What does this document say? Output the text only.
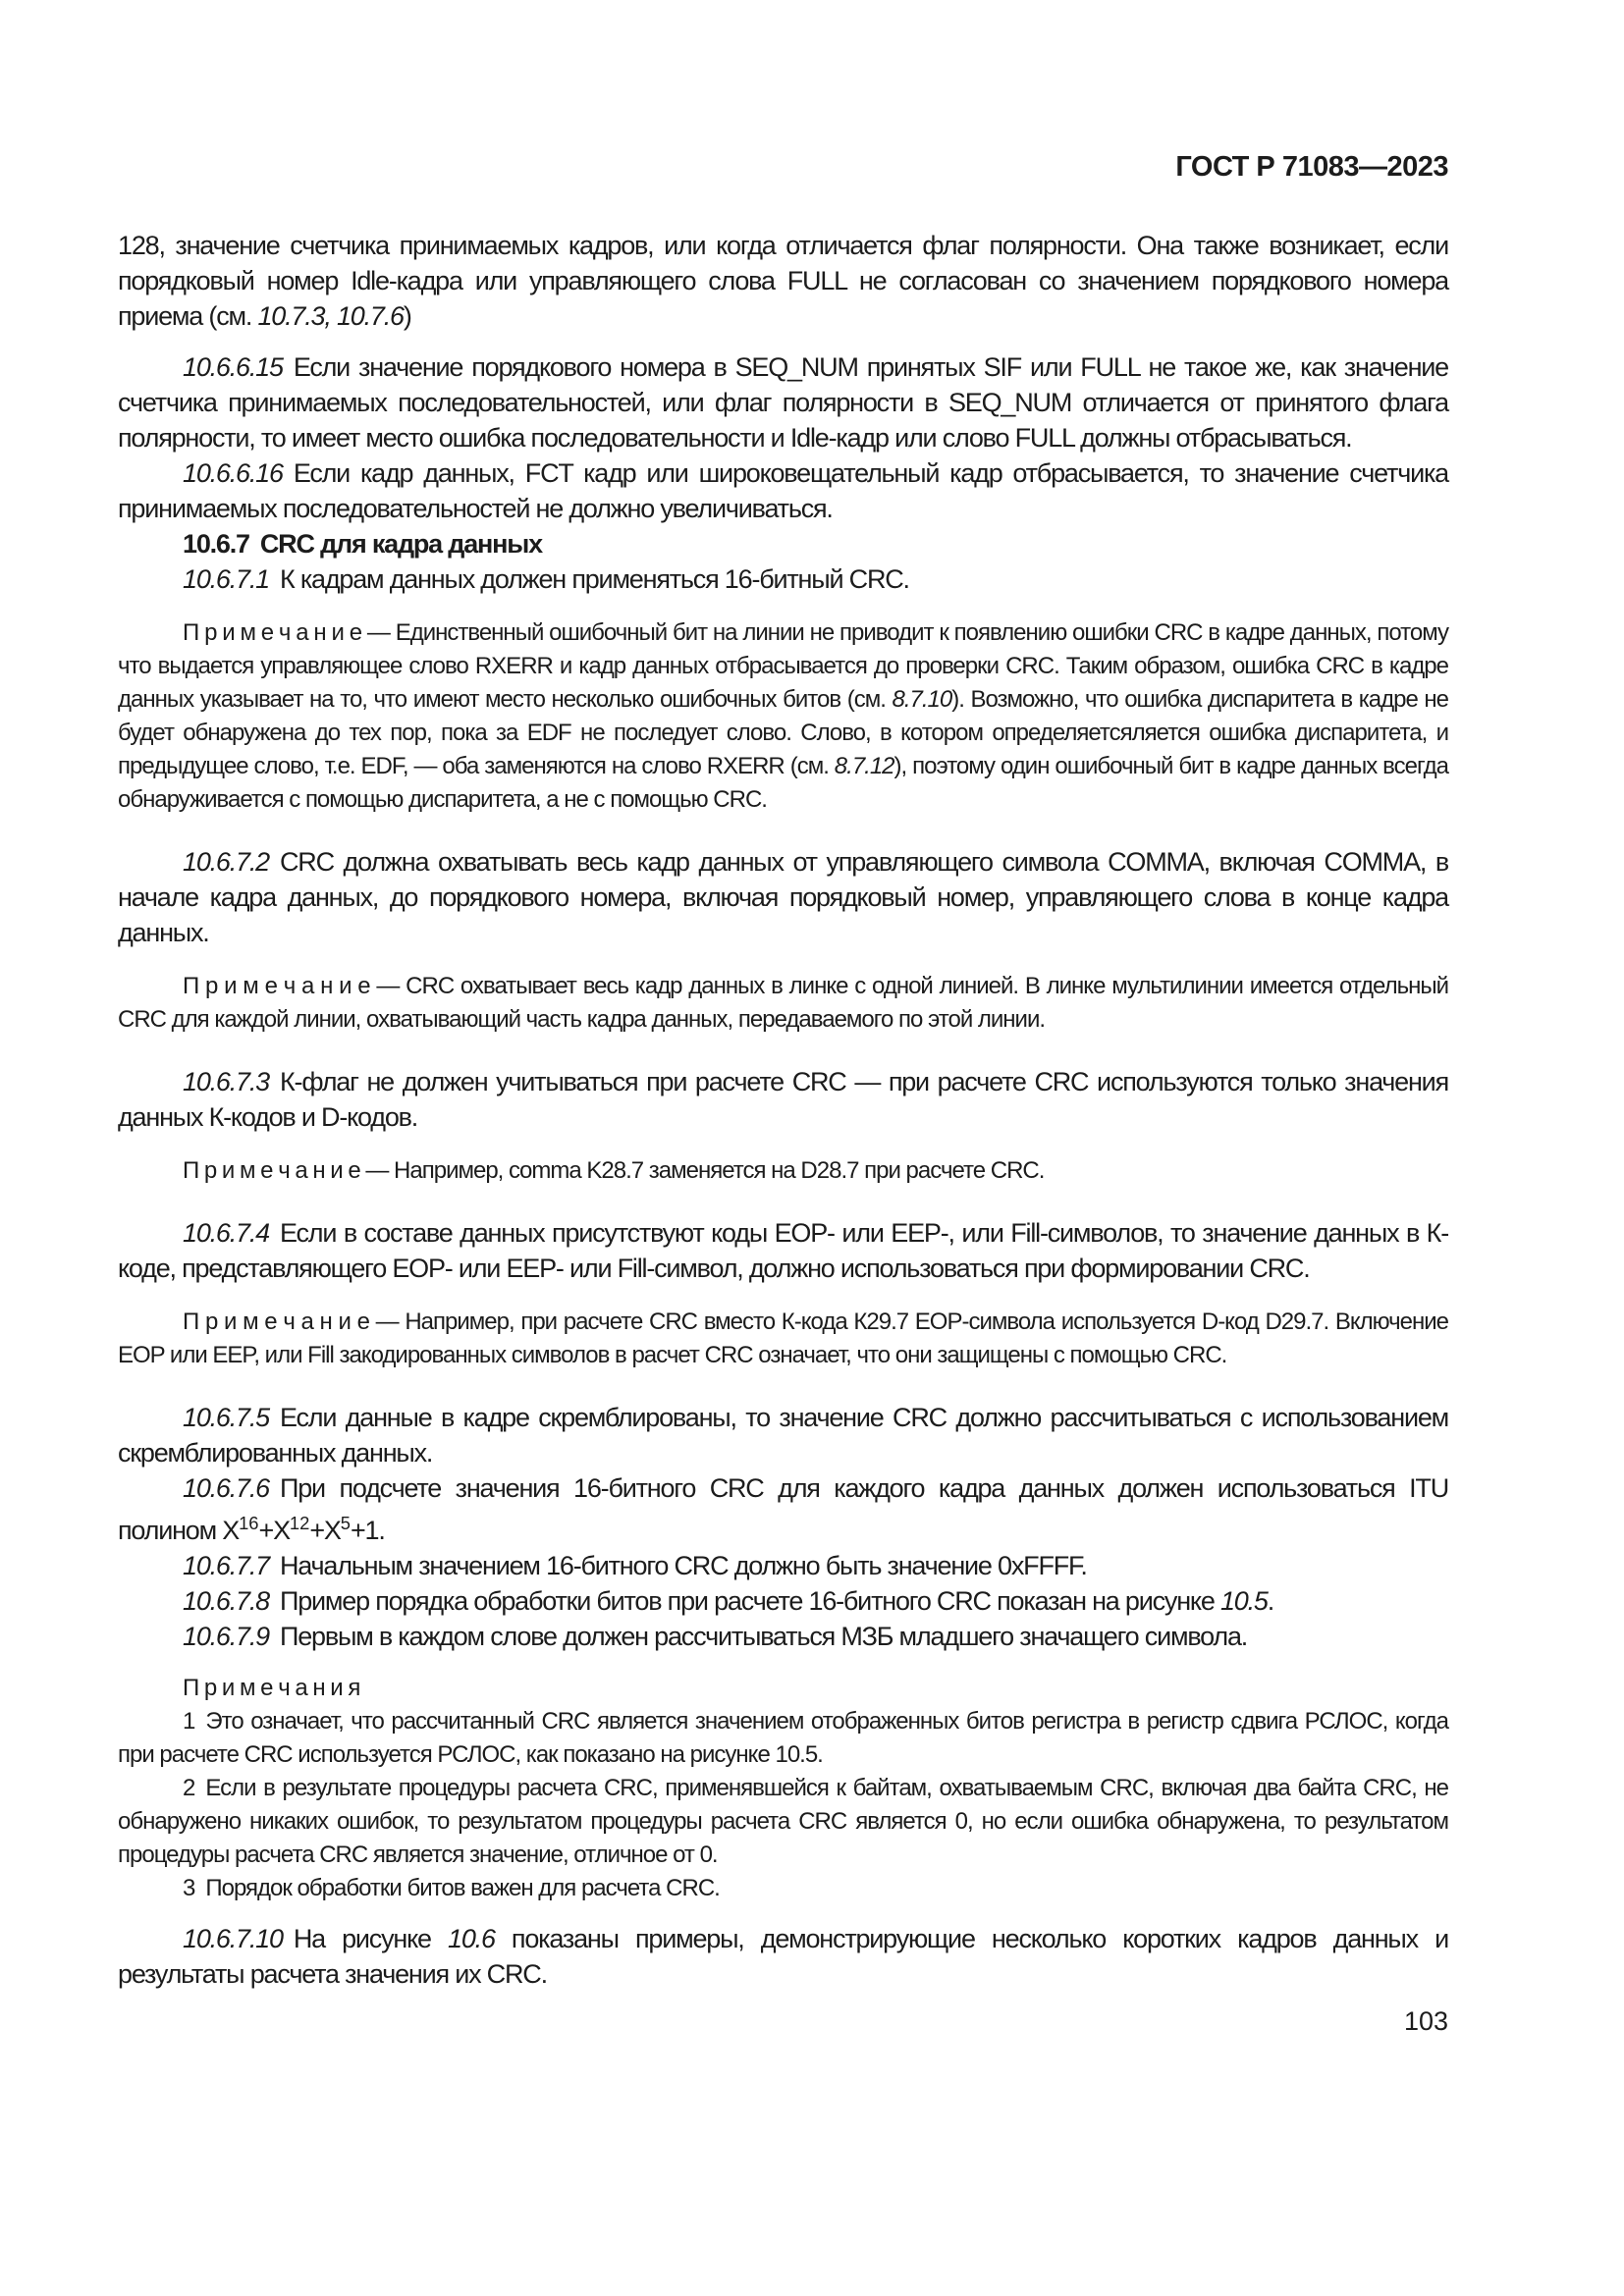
ГОСТ Р 71083—2023

128, значение счетчика принимаемых кадров, или когда отличается флаг полярности. Она также возникает, если порядковый номер Idle-кадра или управляющего слова FULL не согласован со значением порядкового номера приема (см. 10.7.3, 10.7.6)

10.6.6.15 Если значение порядкового номера в SEQ_NUM принятых SIF или FULL не такое же, как значение счетчика принимаемых последовательностей, или флаг полярности в SEQ_NUM отличается от принятого флага полярности, то имеет место ошибка последовательности и Idle-кадр или слово FULL должны отбрасываться.

10.6.6.16 Если кадр данных, FCT кадр или широковещательный кадр отбрасывается, то значение счетчика принимаемых последовательностей не должно увеличиваться.

10.6.7 CRC для кадра данных

10.6.7.1 К кадрам данных должен применяться 16-битный CRC.

П р и м е ч а н и е — Единственный ошибочный бит на линии не приводит к появлению ошибки CRC в кадре данных, потому что выдается управляющее слово RXERR и кадр данных отбрасывается до проверки CRC. Таким образом, ошибка CRC в кадре данных указывает на то, что имеют место несколько ошибочных битов (см. 8.7.10). Возможно, что ошибка диспаритета в кадре не будет обнаружена до тех пор, пока за EDF не последует слово. Слово, в котором определяетсяляется ошибка диспаритета, и предыдущее слово, т.е. EDF, — оба заменяются на слово RXERR (см. 8.7.12), поэтому один ошибочный бит в кадре данных всегда обнаруживается с помощью диспаритета, а не с помощью CRC.

10.6.7.2 CRC должна охватывать весь кадр данных от управляющего символа COMMA, включая COMMA, в начале кадра данных, до порядкового номера, включая порядковый номер, управляющего слова в конце кадра данных.

П р и м е ч а н и е — CRC охватывает весь кадр данных в линке с одной линией. В линке мультилинии имеется отдельный CRC для каждой линии, охватывающий часть кадра данных, передаваемого по этой линии.

10.6.7.3 К-флаг не должен учитываться при расчете CRC — при расчете CRC используются только значения данных К-кодов и D-кодов.

П р и м е ч а н и е — Например, comma K28.7 заменяется на D28.7 при расчете CRC.

10.6.7.4 Если в составе данных присутствуют коды EOP- или EEP-, или Fill-символов, то значение данных в К-коде, представляющего EOP- или EEP- или Fill-символ, должно использоваться при формировании CRC.

П р и м е ч а н и е — Например, при расчете CRC вместо К-кода К29.7 EOP-символа используется D-код D29.7. Включение EOP или EEP, или Fill закодированных символов в расчет CRC означает, что они защищены с помощью CRC.

10.6.7.5 Если данные в кадре скремблированы, то значение CRC должно рассчитываться с использованием скремблированных данных.

10.6.7.6 При подсчете значения 16-битного CRC для каждого кадра данных должен использоваться ITU полином $X^{16}+X^{12}+X^5+1$.

10.6.7.7 Начальным значением 16-битного CRC должно быть значение 0xFFFF.

10.6.7.8 Пример порядка обработки битов при расчете 16-битного CRC показан на рисунке 10.5.

10.6.7.9 Первым в каждом слове должен рассчитываться МЗБ младшего значащего символа.

П р и м е ч а н и я

1 Это означает, что рассчитанный CRC является значением отображенных битов регистра в регистр сдвига РСЛОС, когда при расчете CRC используется РСЛОС, как показано на рисунке 10.5.

2 Если в результате процедуры расчета CRC, применявшейся к байтам, охватываемым CRC, включая два байта CRC, не обнаружено никаких ошибок, то результатом процедуры расчета CRC является 0, но если ошибка обнаружена, то результатом процедуры расчета CRC является значение, отличное от 0.

3 Порядок обработки битов важен для расчета CRC.

10.6.7.10 На рисунке 10.6 показаны примеры, демонстрирующие несколько коротких кадров данных и результаты расчета значения их CRC.

103
